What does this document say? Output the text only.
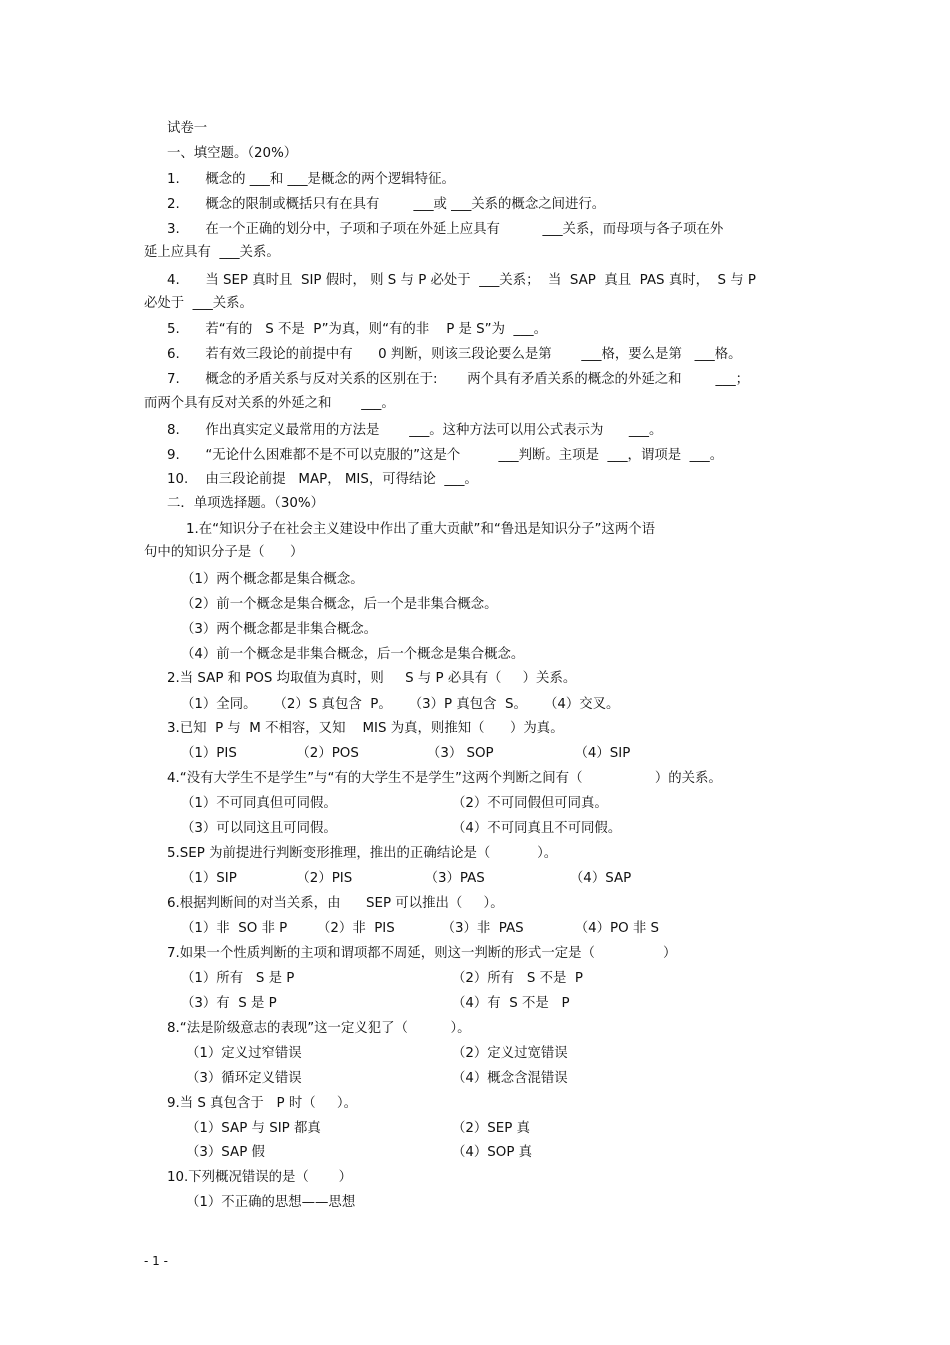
试卷一
一、填空题。（20%）
1.      概念的 ___和 ___是概念的两个逻辑特征。
2.      概念的限制或概括只有在具有        ___或 ___关系的概念之间进行。
3.      在一个正确的划分中，子项和子项在外延上应具有          ___关系，而母项与各子项在外
延上应具有  ___关系。
4.      当 SEP 真时且  SIP 假时， 则 S 与 P 必处于  ___关系；  当  SAP  真且  PAS 真时，  S 与 P
必处于  ___关系。
5.      若“有的   S 不是  P”为真，则“有的非    P 是 S”为  ___。
6.      若有效三段论的前提中有      0 判断，则该三段论要么是第       ___格，要么是第   ___格。
7.      概念的矛盾关系与反对关系的区别在于:       两个具有矛盾关系的概念的外延之和        ___；
而两个具有反对关系的外延之和       ___。
8.      作出真实定义最常用的方法是       ___。这种方法可以用公式表示为      ___。
9.      “无论什么困难都不是不可以克服的”这是个         ___判断。主项是  ___，谓项是  ___。
10.    由三段论前提   MAP， MIS，可得结论  ___。
二．单项选择题。（30%）
1.在“知识分子在社会主义建设中作出了重大贡献”和“鲁迅是知识分子”这两个语
句中的知识分子是（      ）
（1）两个概念都是集合概念。
（2）前一个概念是集合概念，后一个是非集合概念。
（3）两个概念都是非集合概念。
（4）前一个概念是非集合概念，后一个概念是集合概念。
2.当 SAP 和 POS 均取值为真时，则     S 与 P 必具有（     ）关系。
（1）全同。    （2）S 真包含  P。    （3）P 真包含  S。    （4）交叉。
3.已知  P 与  M 不相容，又知    MIS 为真，则推知（      ）为真。
（1）PIS              （2）POS                （3） SOP                   （4）SIP
4.“没有大学生不是学生”与“有的大学生不是学生”这两个判断之间有（                 ）的关系。
（1）不可同真但可同假。	（2）不可同假但可同真。
（3）可以同这且可同假。	（4）不可同真且不可同假。
5.SEP 为前提进行判断变形推理，推出的正确结论是（           ）。
（1）SIP              （2）PIS                 （3）PAS                    （4）SAP
6.根据判断间的对当关系，由      SEP 可以推出（     ）。
（1）非  SO 非 P       （2）非  PIS           （3）非  PAS            （4）PO 非 S
7.如果一个性质判断的主项和谓项都不周延，则这一判断的形式一定是（                ）
（1）所有   S 是 P	（2）所有   S 不是  P
（3）有  S 是 P	（4）有  S 不是   P
8.“法是阶级意志的表现”这一定义犯了（          ）。
（1）定义过窄错误	（2）定义过宽错误
（3）循环定义错误	（4）概念含混错误
9.当 S 真包含于   P 时（     ）。
（1）SAP 与 SIP 都真	（2）SEP 真
（3）SAP 假	（4）SOP 真
10.下列概况错误的是（       ）
（1）不正确的思想——思想
- 1 -
